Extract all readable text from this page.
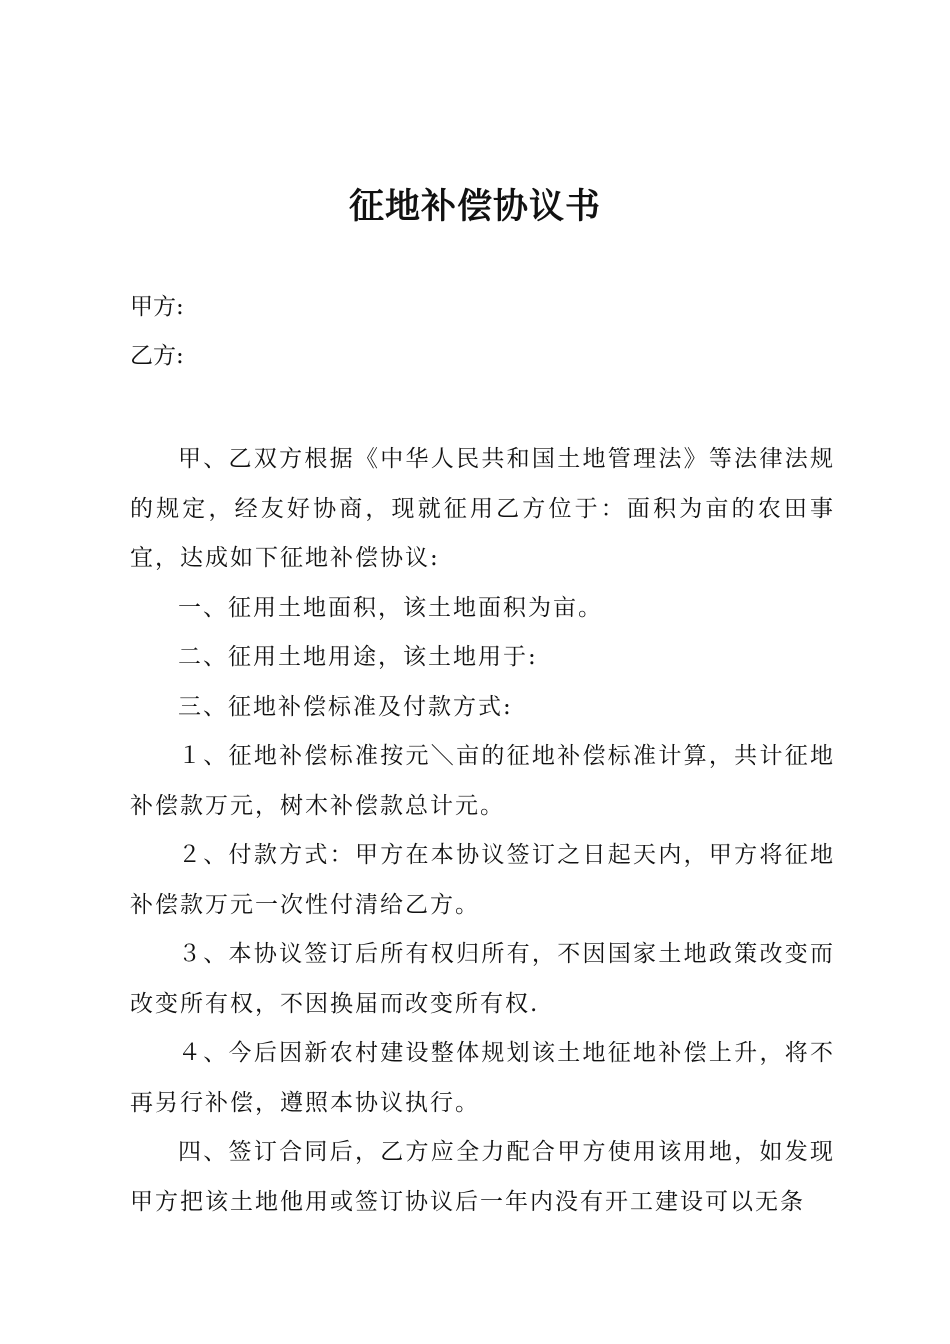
征地补偿协议书

甲方:

乙方:

甲、乙双方根据《中华人民共和国土地管理法》等法律法规的规定，经友好协商，现就征用乙方位于：面积为亩的农田事宜，达成如下征地补偿协议:

一、征用土地面积，该土地面积为亩。

二、征用土地用途，该土地用于:

三、征地补偿标准及付款方式:

１、征地补偿标准按元＼亩的征地补偿标准计算，共计征地补偿款万元，树木补偿款总计元。

２、付款方式：甲方在本协议签订之日起天内，甲方将征地补偿款万元一次性付清给乙方。

３、本协议签订后所有权归所有，不因国家土地政策改变而改变所有权，不因换届而改变所有权.

４、今后因新农村建设整体规划该土地征地补偿上升，将不再另行补偿，遵照本协议执行。

四、签订合同后，乙方应全力配合甲方使用该用地，如发现甲方把该土地他用或签订协议后一年内没有开工建设可以无条
